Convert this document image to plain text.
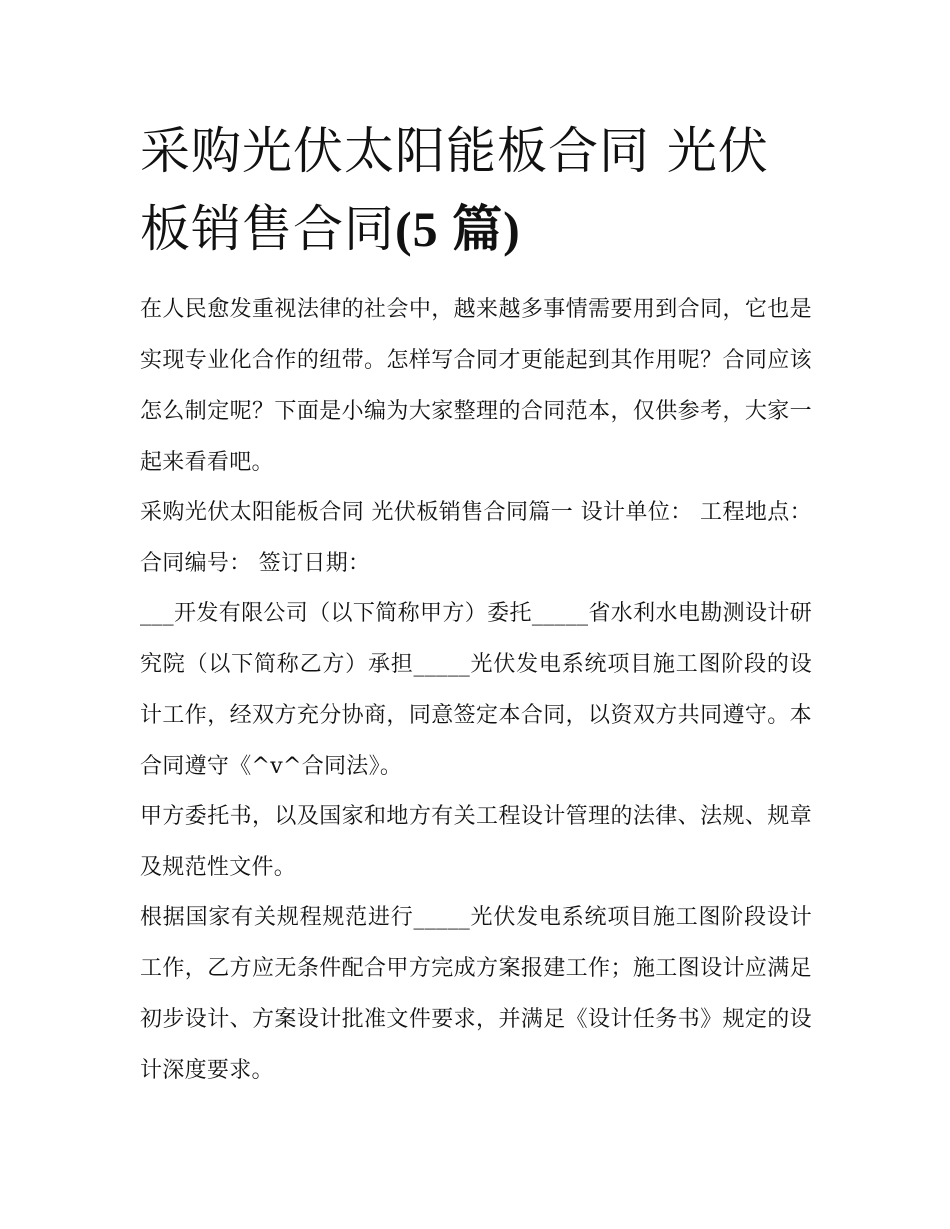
采购光伏太阳能板合同 光伏板销售合同(5 篇)

在人民愈发重视法律的社会中，越来越多事情需要用到合同，它也是实现专业化合作的纽带。怎样写合同才更能起到其作用呢？合同应该怎么制定呢？下面是小编为大家整理的合同范本，仅供参考，大家一起来看看吧。

采购光伏太阳能板合同 光伏板销售合同篇一 设计单位： 工程地点： 合同编号： 签订日期：

___开发有限公司（以下简称甲方）委托_____省水利水电勘测设计研究院（以下简称乙方）承担_____光伏发电系统项目施工图阶段的设计工作，经双方充分协商，同意签定本合同，以资双方共同遵守。本合同遵守《^v^合同法》。

甲方委托书，以及国家和地方有关工程设计管理的法律、法规、规章及规范性文件。

根据国家有关规程规范进行_____光伏发电系统项目施工图阶段设计工作，乙方应无条件配合甲方完成方案报建工作；施工图设计应满足初步设计、方案设计批准文件要求，并满足《设计任务书》规定的设计深度要求。
